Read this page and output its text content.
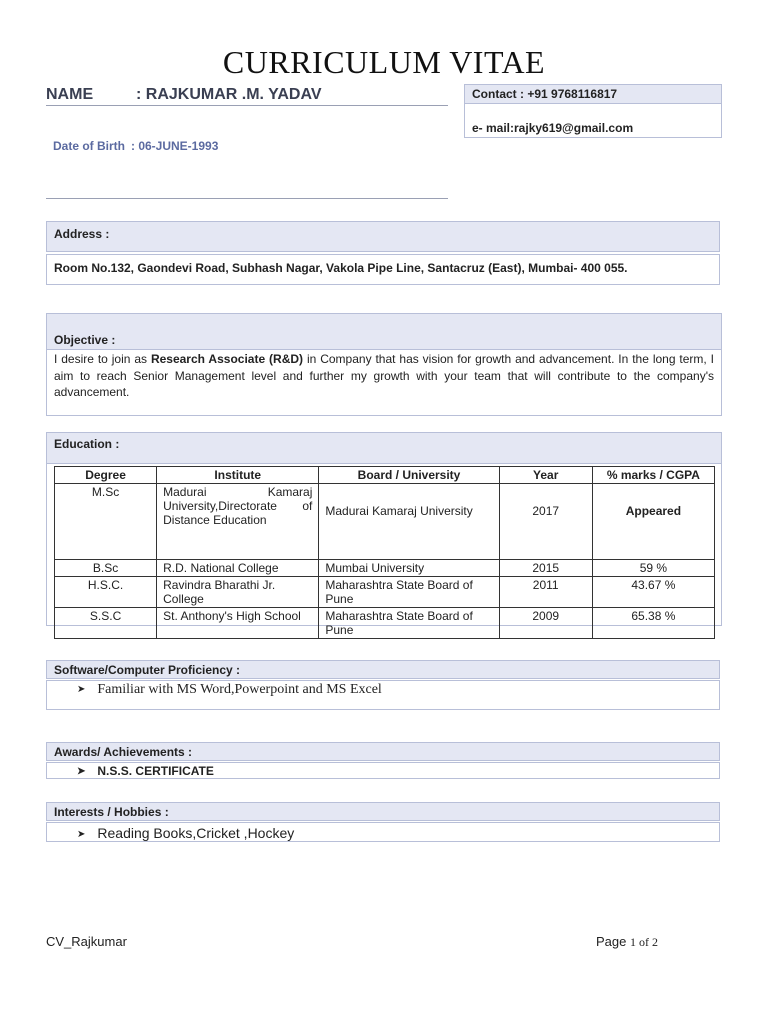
CURRICULUM VITAE
NAME	: RAJKUMAR .M. YADAV
Date of Birth : 06-JUNE-1993
Contact : +91 9768116817
e- mail:rajky619@gmail.com
Address :
Room No.132, Gaondevi Road, Subhash Nagar, Vakola Pipe Line, Santacruz (East), Mumbai- 400 055.
Objective :
I desire to join as Research Associate (R&D) in Company that has vision for growth and advancement. In the long term, I aim to reach Senior Management level and further my growth with your team that will contribute to the company's advancement.
Education :
Degree	Institute	Board / University	Year	% marks / CGPA
M.Sc	Madurai Kamaraj University,Directorate of Distance Education	Madurai Kamaraj University	2017	Appeared
B.Sc	R.D. National College	Mumbai University	2015	59 %
H.S.C.	Ravindra Bharathi Jr. College	Maharashtra State Board of Pune	2011	43.67 %
S.S.C	St. Anthony's High School	Maharashtra State Board of Pune	2009	65.38 %
Software/Computer Proficiency :
➤ Familiar with MS Word,Powerpoint and MS Excel
Awards/ Achievements :
➤ N.S.S. CERTIFICATE
Interests / Hobbies :
➤ Reading Books,Cricket ,Hockey
CV_Rajkumar	Page 1 of 2
